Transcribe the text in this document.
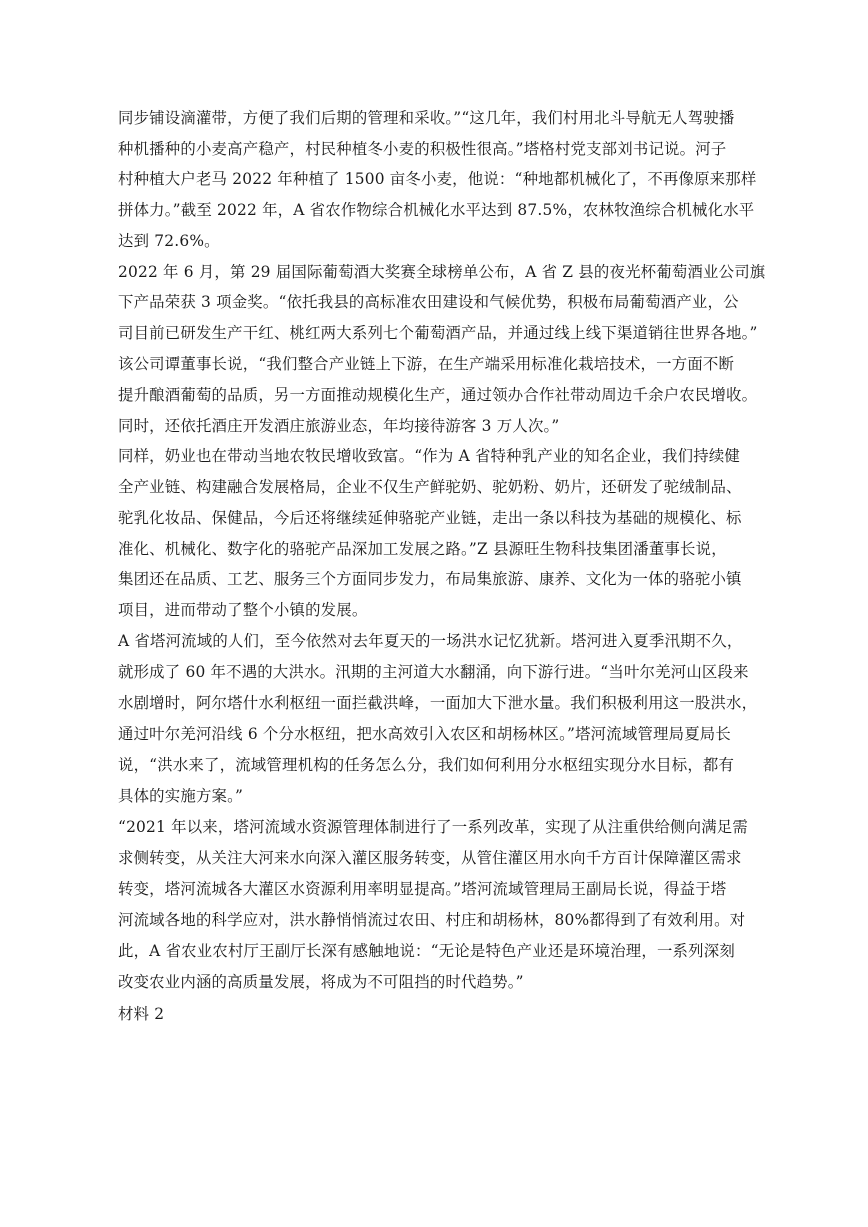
同步铺设滴灌带，方便了我们后期的管理和采收。”“这几年，我们村用北斗导航无人驾驶播
种机播种的小麦高产稳产，村民种植冬小麦的积极性很高。”塔格村党支部刘书记说。河子
村种植大户老马 2022 年种植了 1500 亩冬小麦，他说：“种地都机械化了，不再像原来那样
拼体力。”截至 2022 年，A 省农作物综合机械化水平达到 87.5%，农林牧渔综合机械化水平
达到 72.6%。
2022 年 6 月，第 29 届国际葡萄酒大奖赛全球榜单公布，A 省 Z 县的夜光杯葡萄酒业公司旗
下产品荣获 3 项金奖。“依托我县的高标准农田建设和气候优势，积极布局葡萄酒产业，公
司目前已研发生产干红、桃红两大系列七个葡萄酒产品，并通过线上线下渠道销往世界各地。”
该公司谭董事长说，“我们整合产业链上下游，在生产端采用标准化栽培技术，一方面不断
提升酿酒葡萄的品质，另一方面推动规模化生产，通过领办合作社带动周边千余户农民增收。
同时，还依托酒庄开发酒庄旅游业态，年均接待游客 3 万人次。”
同样，奶业也在带动当地农牧民增收致富。“作为 A 省特种乳产业的知名企业，我们持续健
全产业链、构建融合发展格局，企业不仅生产鲜驼奶、驼奶粉、奶片，还研发了驼绒制品、
驼乳化妆品、保健品，今后还将继续延伸骆驼产业链，走出一条以科技为基础的规模化、标
准化、机械化、数字化的骆驼产品深加工发展之路。”Z 县源旺生物科技集团潘董事长说，
集团还在品质、工艺、服务三个方面同步发力，布局集旅游、康养、文化为一体的骆驼小镇
项目，进而带动了整个小镇的发展。
A 省塔河流域的人们，至今依然对去年夏天的一场洪水记忆犹新。塔河进入夏季汛期不久，
就形成了 60 年不遇的大洪水。汛期的主河道大水翻涌，向下游行进。“当叶尔羌河山区段来
水剧增时，阿尔塔什水利枢纽一面拦截洪峰，一面加大下泄水量。我们积极利用这一股洪水，
通过叶尔羌河沿线 6 个分水枢纽，把水高效引入农区和胡杨林区。”塔河流域管理局夏局长
说，“洪水来了，流域管理机构的任务怎么分，我们如何利用分水枢纽实现分水目标，都有
具体的实施方案。”
“2021 年以来，塔河流域水资源管理体制进行了一系列改革，实现了从注重供给侧向满足需
求侧转变，从关注大河来水向深入灌区服务转变，从管住灌区用水向千方百计保障灌区需求
转变，塔河流城各大灌区水资源利用率明显提高。”塔河流域管理局王副局长说，得益于塔
河流域各地的科学应对，洪水静悄悄流过农田、村庄和胡杨林，80%都得到了有效利用。对
此，A 省农业农村厅王副厅长深有感触地说：“无论是特色产业还是环境治理，一系列深刻
改变农业内涵的高质量发展，将成为不可阻挡的时代趋势。”
材料 2
